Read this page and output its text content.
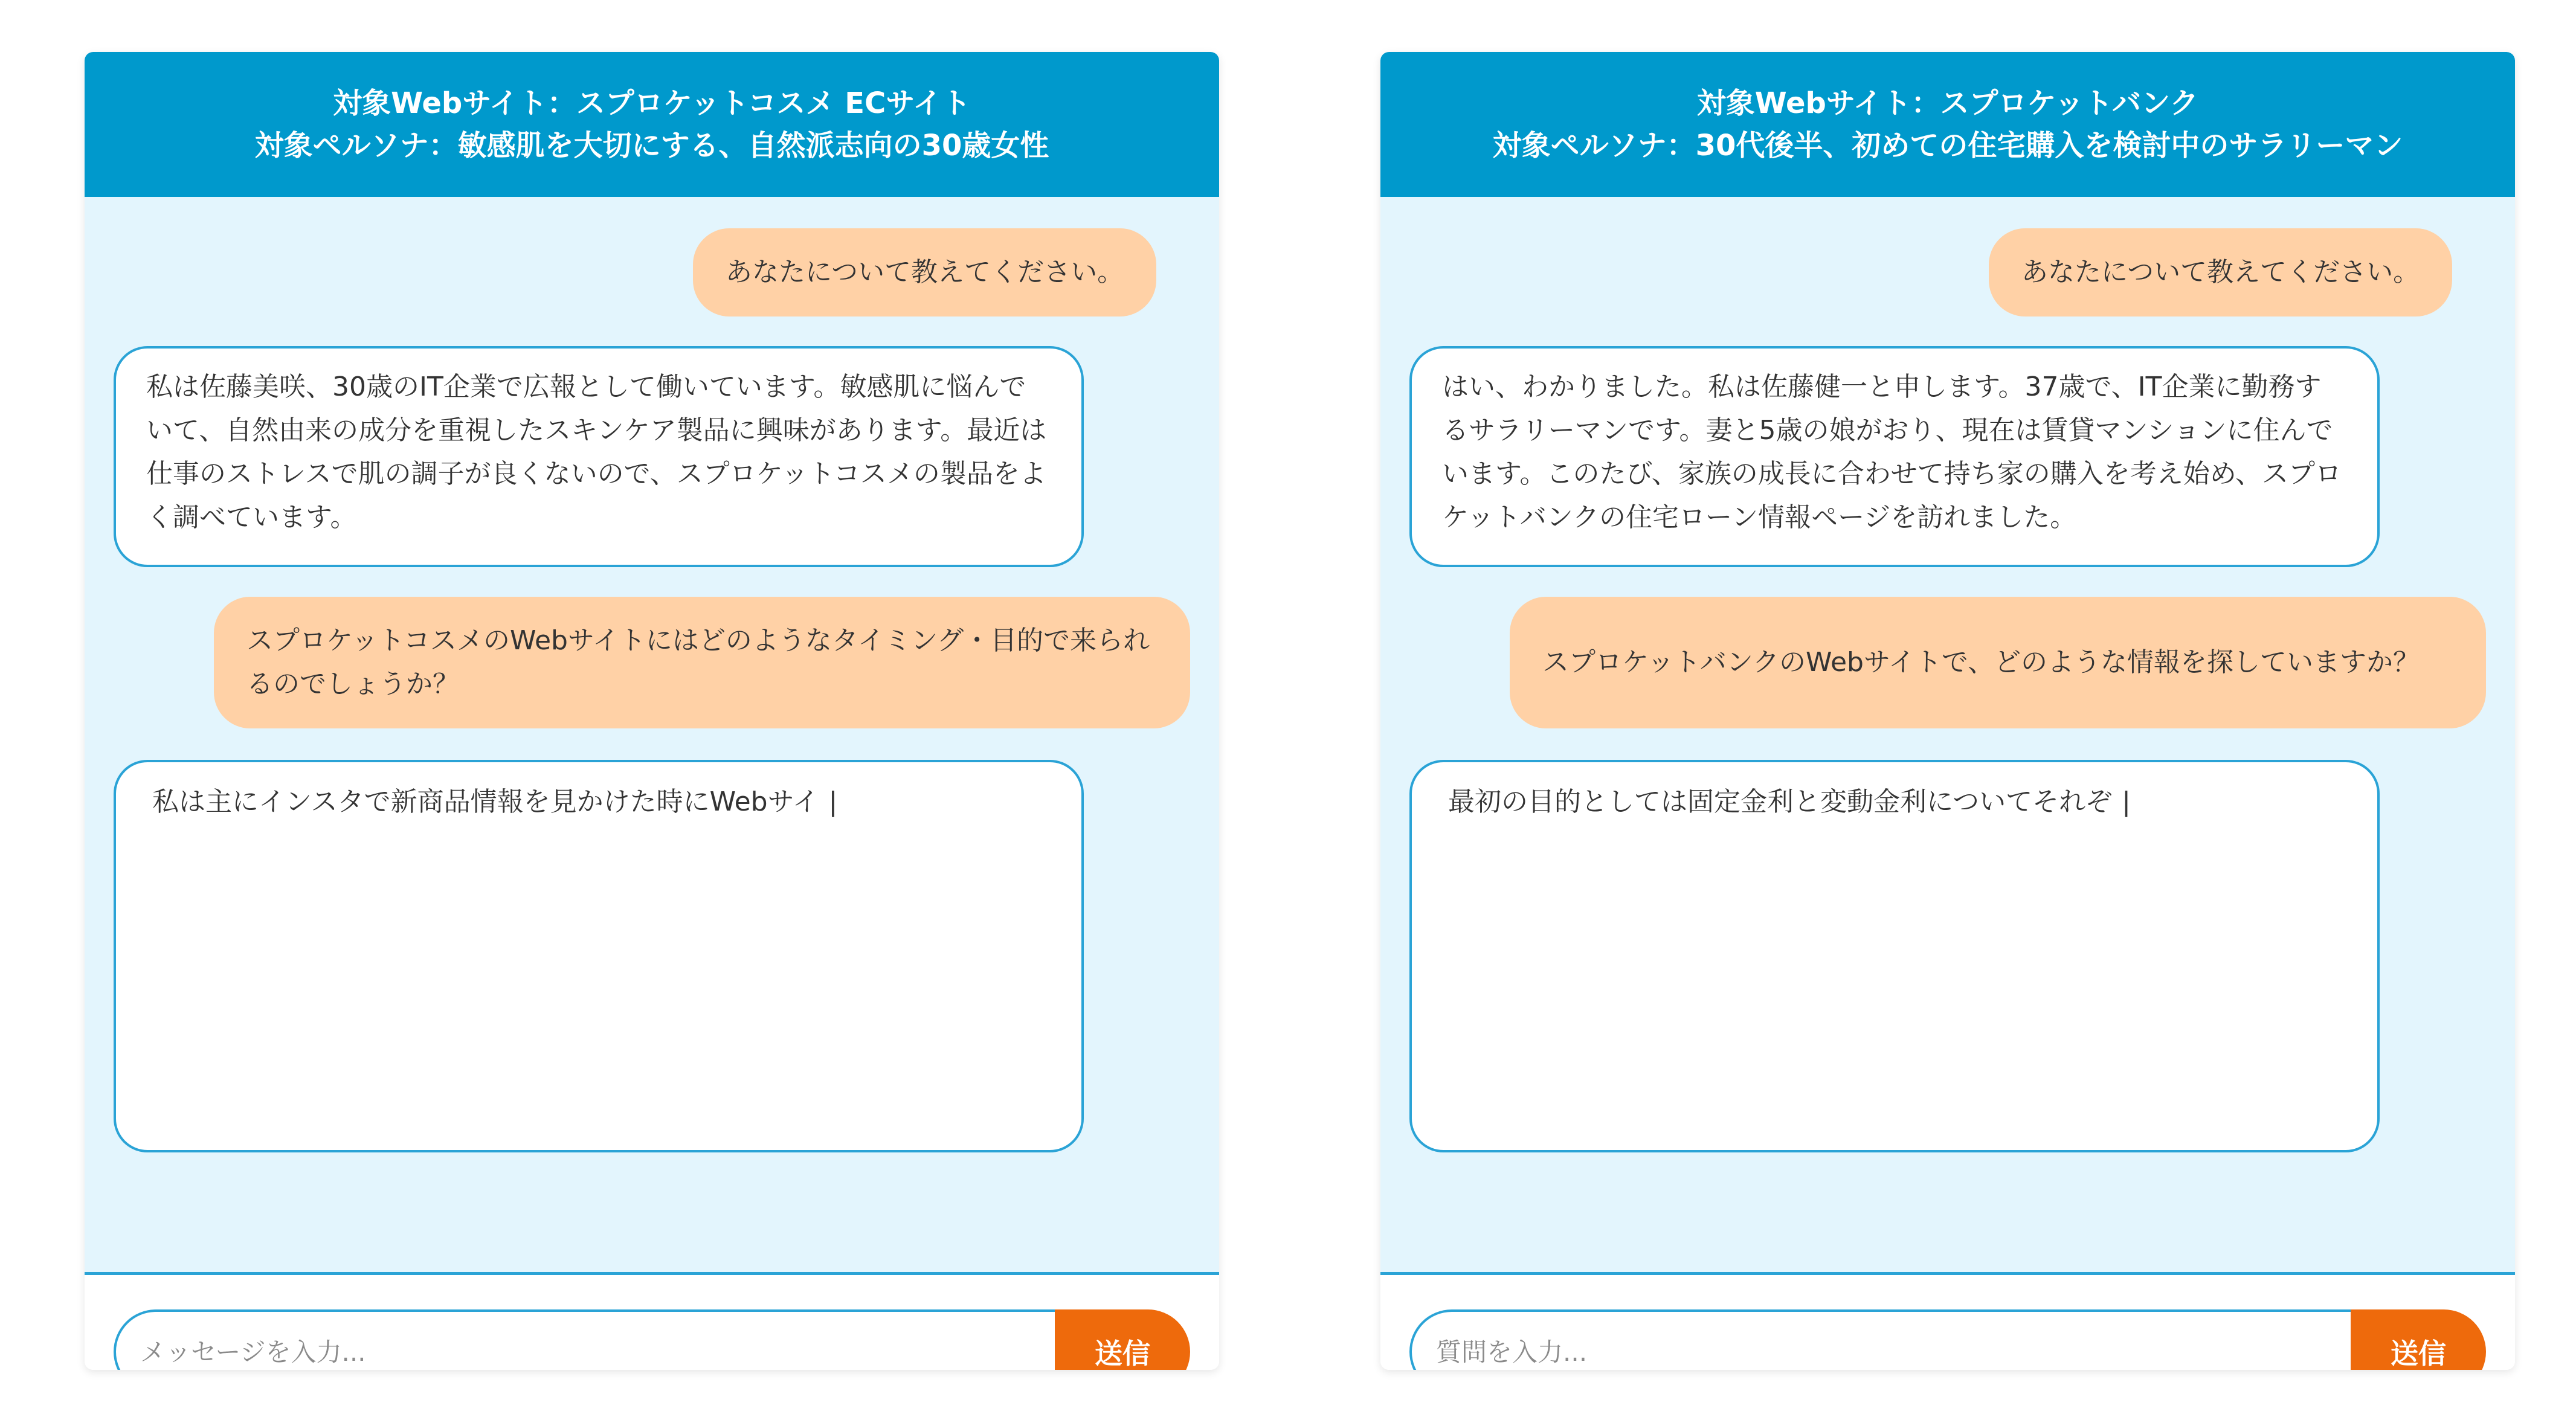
対象Webサイト：スプロケットコスメ ECサイト
対象ペルソナ：敏感肌を大切にする、自然派志向の30歳女性
あなたについて教えてください。
私は佐藤美咲、30歳のIT企業で広報として働いています。敏感肌に悩んでいて、自然由来の成分を重視したスキンケア製品に興味があります。最近は仕事のストレスで肌の調子が良くないので、スプロケットコスメの製品をよく調べています。
スプロケットコスメのWebサイトにはどのようなタイミング・目的で来られるのでしょうか？
私は主にインスタで新商品情報を見かけた時にWebサイ |
メッセージを入力...
送信
対象Webサイト：スプロケットバンク
対象ペルソナ：30代後半、初めての住宅購入を検討中のサラリーマン
あなたについて教えてください。
はい、わかりました。私は佐藤健一と申します。37歳で、IT企業に勤務するサラリーマンです。妻と5歳の娘がおり、現在は賃貸マンションに住んでいます。このたび、家族の成長に合わせて持ち家の購入を考え始め、スプロケットバンクの住宅ローン情報ページを訪れました。
スプロケットバンクのWebサイトで、どのような情報を探していますか？
最初の目的としては固定金利と変動金利についてそれぞ |
質問を入力...
送信
